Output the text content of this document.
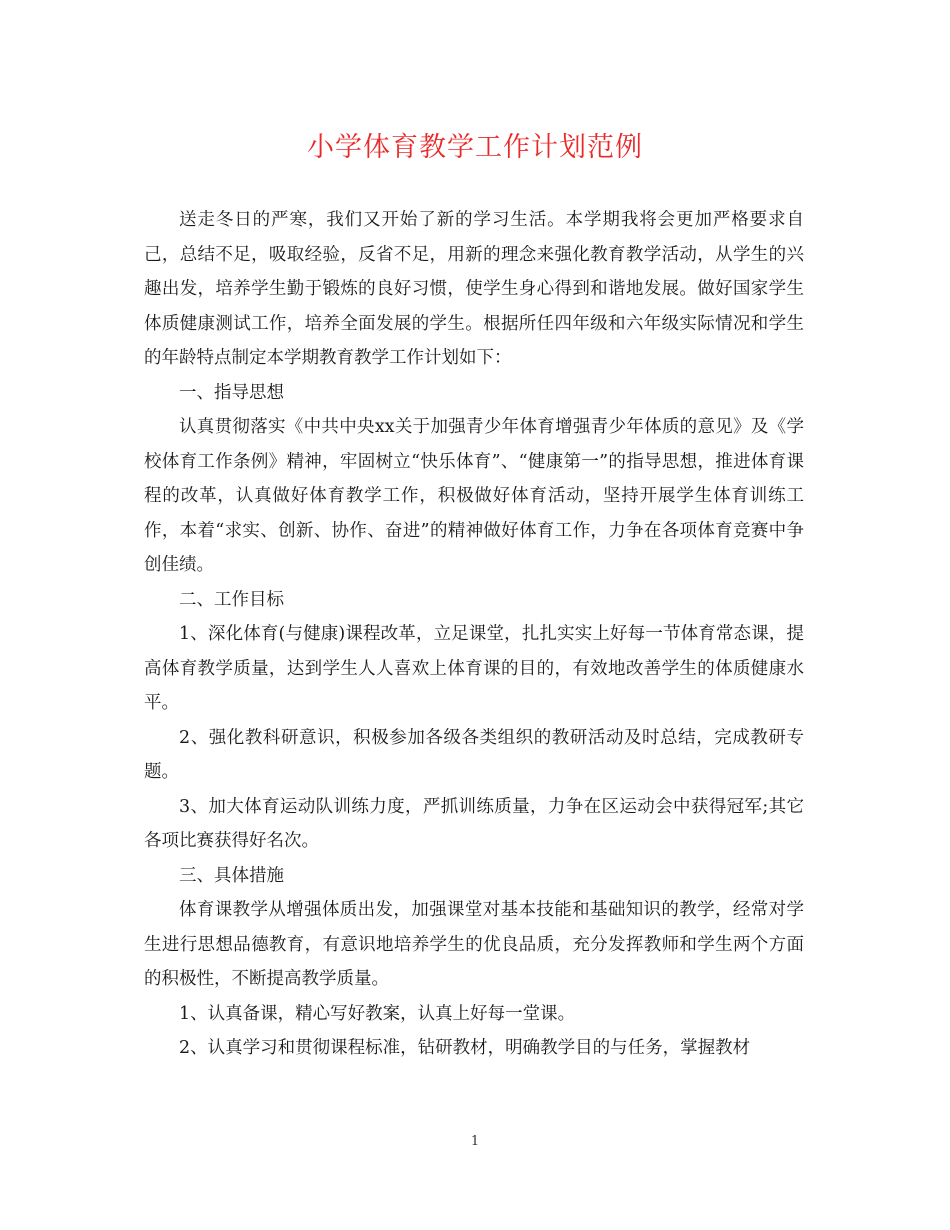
小学体育教学工作计划范例

送走冬日的严寒，我们又开始了新的学习生活。本学期我将会更加严格要求自己，总结不足，吸取经验，反省不足，用新的理念来强化教育教学活动，从学生的兴趣出发，培养学生勤于锻炼的良好习惯，使学生身心得到和谐地发展。做好国家学生体质健康测试工作，培养全面发展的学生。根据所任四年级和六年级实际情况和学生的年龄特点制定本学期教育教学工作计划如下：

一、指导思想

认真贯彻落实《中共中央xx关于加强青少年体育增强青少年体质的意见》及《学校体育工作条例》精神，牢固树立“快乐体育”、“健康第一”的指导思想，推进体育课程的改革，认真做好体育教学工作，积极做好体育活动，坚持开展学生体育训练工作，本着“求实、创新、协作、奋进”的精神做好体育工作，力争在各项体育竞赛中争创佳绩。

二、工作目标

1、深化体育(与健康)课程改革，立足课堂，扎扎实实上好每一节体育常态课，提高体育教学质量，达到学生人人喜欢上体育课的目的，有效地改善学生的体质健康水平。

2、强化教科研意识，积极参加各级各类组织的教研活动及时总结，完成教研专题。

3、加大体育运动队训练力度，严抓训练质量，力争在区运动会中获得冠军;其它各项比赛获得好名次。

三、具体措施

体育课教学从增强体质出发，加强课堂对基本技能和基础知识的教学，经常对学生进行思想品德教育，有意识地培养学生的优良品质，充分发挥教师和学生两个方面的积极性，不断提高教学质量。

1、认真备课，精心写好教案，认真上好每一堂课。

2、认真学习和贯彻课程标准，钻研教材，明确教学目的与任务，掌握教材

1
